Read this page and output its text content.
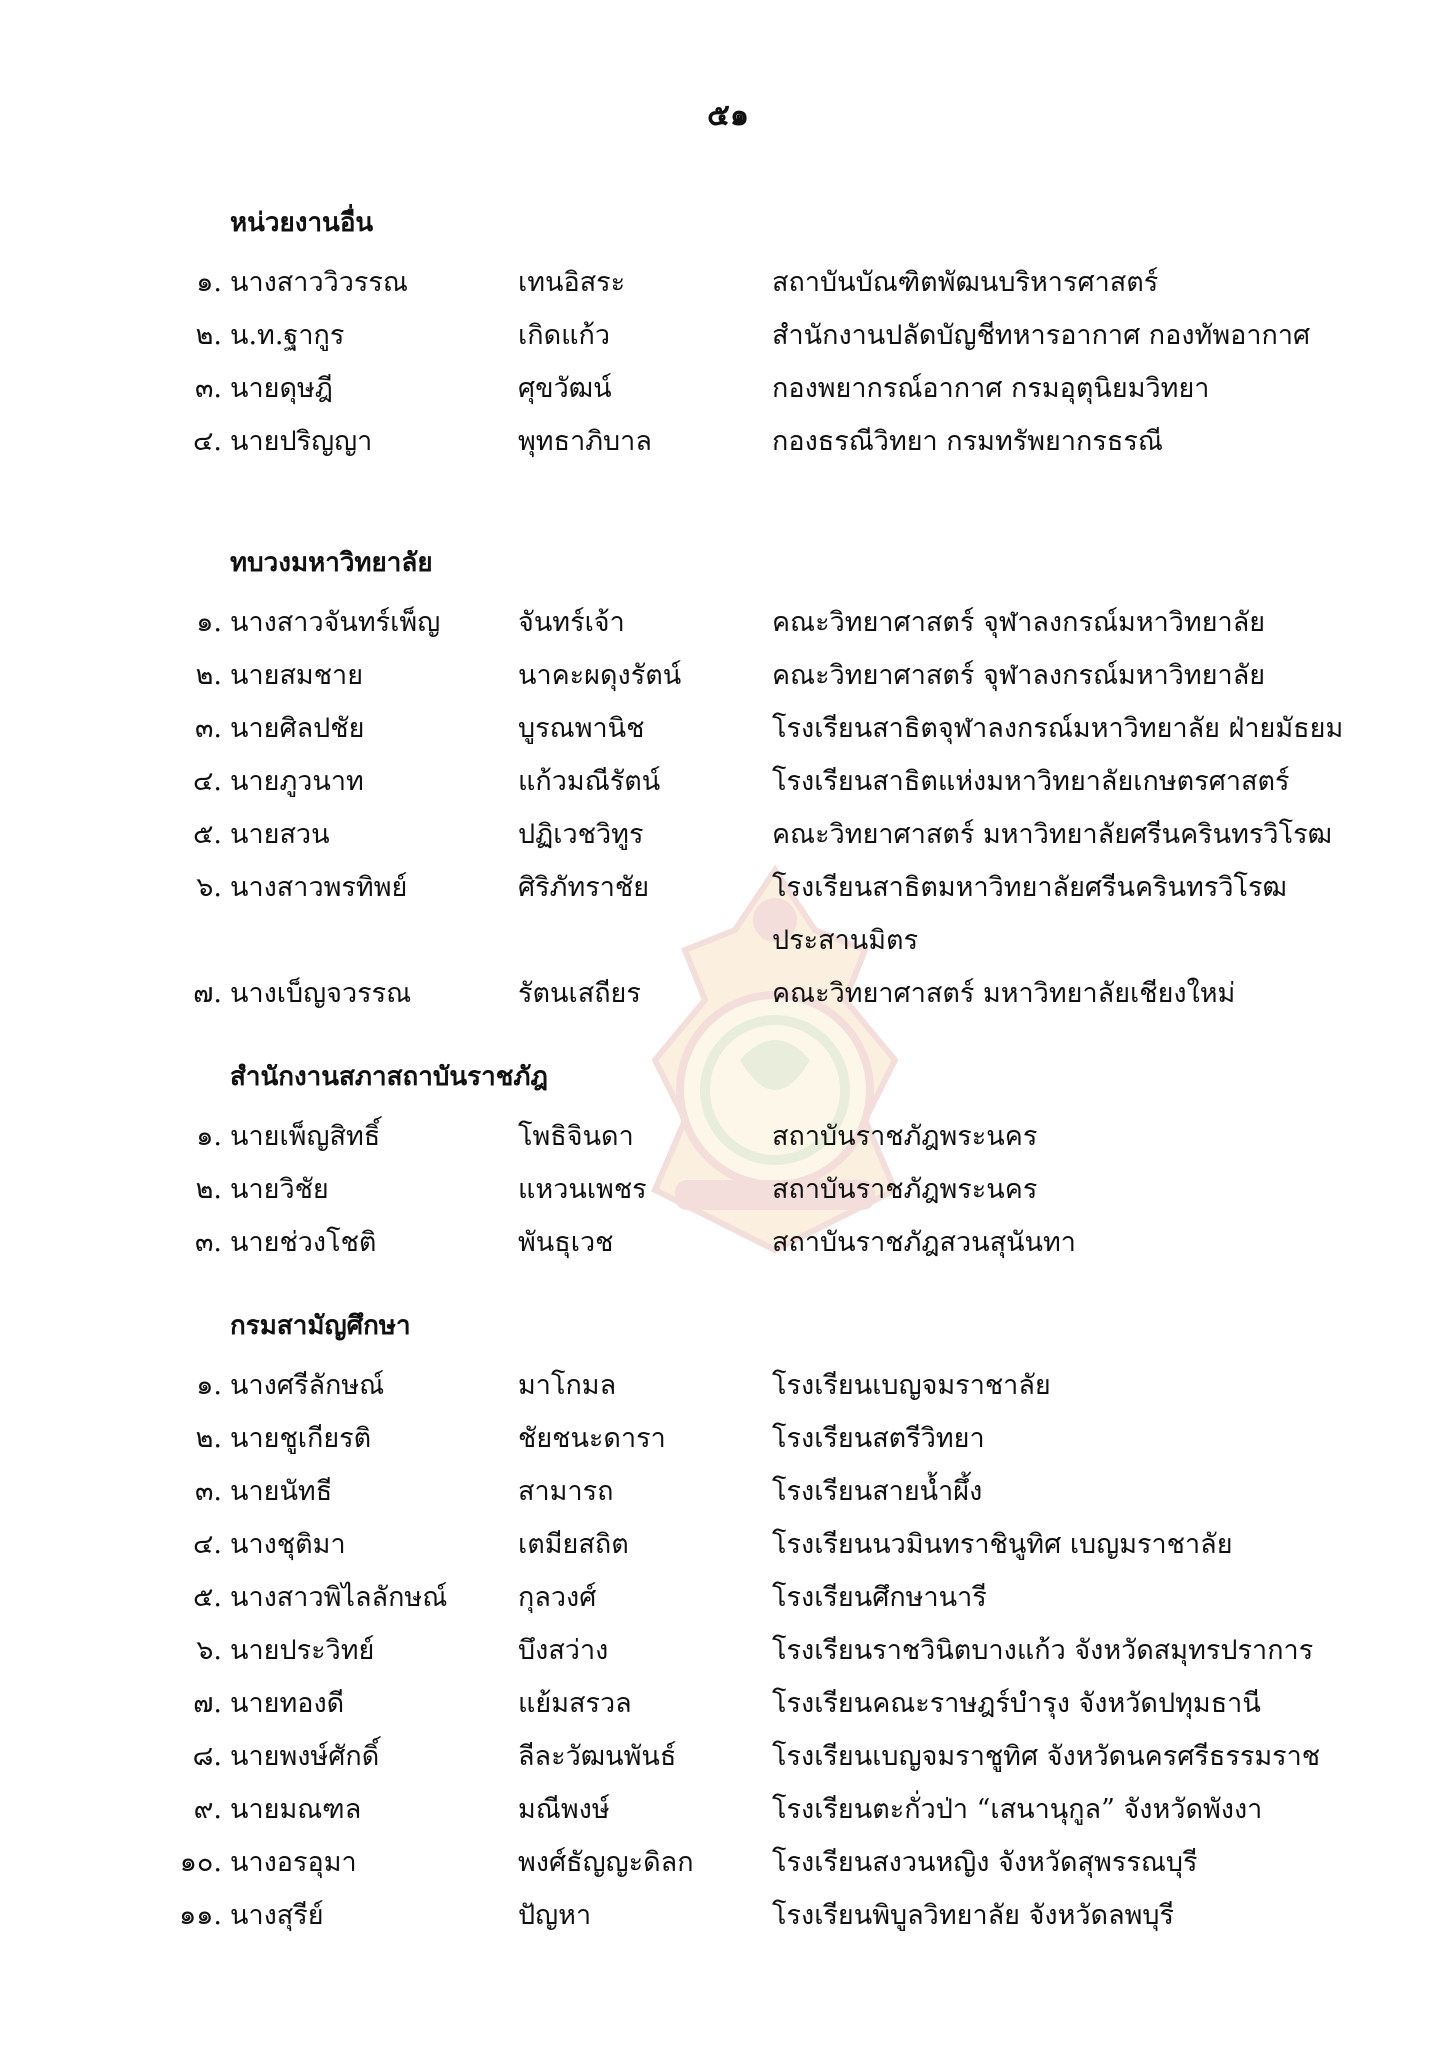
๕๑
หน่วยงานอื่น
๑. นางสาววิวรรณ	เทนอิสระ	สถาบันบัณฑิตพัฒนบริหารศาสตร์
๒. น.ท.ฐากูร	เกิดแก้ว	สำนักงานปลัดบัญชีทหารอากาศ กองทัพอากาศ
๓. นายดุษฎี	ศุขวัฒน์	กองพยากรณ์อากาศ กรมอุตุนิยมวิทยา
๔. นายปริญญา	พุทธาภิบาล	กองธรณีวิทยา กรมทรัพยากรธรณี
ทบวงมหาวิทยาลัย
๑. นางสาวจันทร์เพ็ญ	จันทร์เจ้า	คณะวิทยาศาสตร์ จุฬาลงกรณ์มหาวิทยาลัย
๒. นายสมชาย	นาคะผดุงรัตน์	คณะวิทยาศาสตร์ จุฬาลงกรณ์มหาวิทยาลัย
๓. นายศิลปชัย	บูรณพานิช	โรงเรียนสาธิตจุฬาลงกรณ์มหาวิทยาลัย ฝ่ายมัธยม
๔. นายภูวนาท	แก้วมณีรัตน์	โรงเรียนสาธิตแห่งมหาวิทยาลัยเกษตรศาสตร์
๕. นายสวน	ปฏิเวชวิทูร	คณะวิทยาศาสตร์ มหาวิทยาลัยศรีนครินทรวิโรฒ
๖. นางสาวพรทิพย์	ศิริภัทราชัย	โรงเรียนสาธิตมหาวิทยาลัยศรีนครินทรวิโรฒ
ประสานมิตร
๗. นางเบ็ญจวรรณ	รัตนเสถียร	คณะวิทยาศาสตร์ มหาวิทยาลัยเชียงใหม่
สำนักงานสภาสถาบันราชภัฎ
๑. นายเพ็ญสิทธิ์	โพธิจินดา	สถาบันราชภัฎพระนคร
๒. นายวิชัย	แหวนเพชร	สถาบันราชภัฎพระนคร
๓. นายช่วงโชติ	พันธุเวช	สถาบันราชภัฎสวนสุนันทา
กรมสามัญศึกษา
๑. นางศรีลักษณ์	มาโกมล	โรงเรียนเบญจมราชาลัย
๒. นายชูเกียรติ	ชัยชนะดารา	โรงเรียนสตรีวิทยา
๓. นายนัทธี	สามารถ	โรงเรียนสายน้ำผึ้ง
๔. นางชุติมา	เตมียสถิต	โรงเรียนนวมินทราชินูทิศ เบญมราชาลัย
๕. นางสาวพิไลลักษณ์	กุลวงศ์	โรงเรียนศึกษานารี
๖. นายประวิทย์	บึงสว่าง	โรงเรียนราชวินิตบางแก้ว จังหวัดสมุทรปราการ
๗. นายทองดี	แย้มสรวล	โรงเรียนคณะราษฎร์บำรุง จังหวัดปทุมธานี
๘. นายพงษ์ศักดิ์	ลีละวัฒนพันธ์	โรงเรียนเบญจมราชูทิศ จังหวัดนครศรีธรรมราช
๙. นายมณฑล	มณีพงษ์	โรงเรียนตะกั่วป่า “เสนานุกูล” จังหวัดพังงา
๑๐. นางอรอุมา	พงศ์ธัญญะดิลก	โรงเรียนสงวนหญิง จังหวัดสุพรรณบุรี
๑๑. นางสุรีย์	ปัญหา	โรงเรียนพิบูลวิทยาลัย จังหวัดลพบุรี
